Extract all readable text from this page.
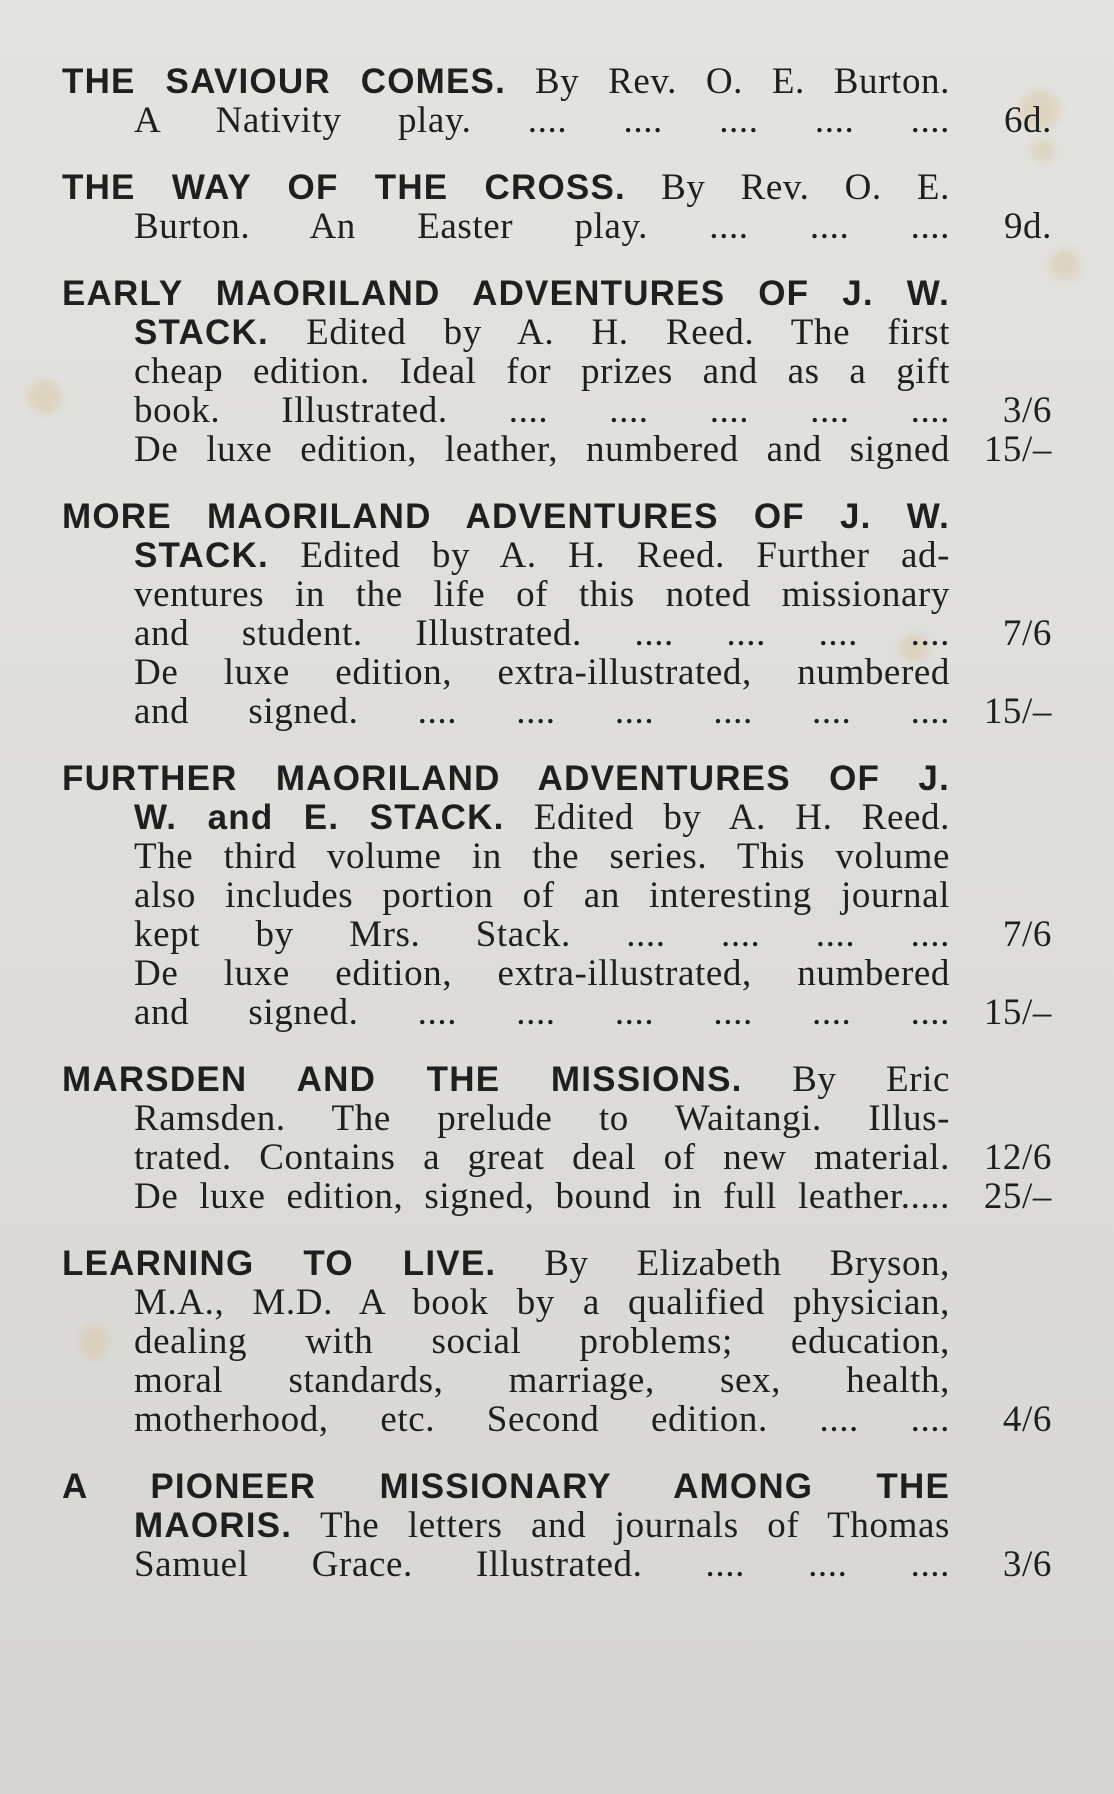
THE SAVIOUR COMES. By Rev. O. E. Burton.
A Nativity play. .... .... .... .... ....	6d.
THE WAY OF THE CROSS. By Rev. O. E.
Burton. An Easter play. .... .... ....	9d.
EARLY MAORILAND ADVENTURES OF J. W.
STACK. Edited by A. H. Reed. The first
cheap edition. Ideal for prizes and as a gift
book. Illustrated. .... .... .... .... ....	3/6
De luxe edition, leather, numbered and signed 15/–
MORE MAORILAND ADVENTURES OF J. W.
STACK. Edited by A. H. Reed. Further ad-
ventures in the life of this noted missionary
and student. Illustrated. .... .... .... ....	7/6
De luxe edition, extra-illustrated, numbered
and signed. .... .... .... .... .... .... 15/–
FURTHER MAORILAND ADVENTURES OF J.
W. and E. STACK. Edited by A. H. Reed.
The third volume in the series. This volume
also includes portion of an interesting journal
kept by Mrs. Stack. .... .... .... ....	7/6
De luxe edition, extra-illustrated, numbered
and signed. .... .... .... .... .... .... 15/–
MARSDEN AND THE MISSIONS. By Eric
Ramsden. The prelude to Waitangi. Illus-
trated. Contains a great deal of new material. 12/6
De luxe edition, signed, bound in full leather..... 25/–
LEARNING TO LIVE. By Elizabeth Bryson,
M.A., M.D. A book by a qualified physician,
dealing with social problems; education,
moral standards, marriage, sex, health,
motherhood, etc. Second edition. .... ....	4/6
A PIONEER MISSIONARY AMONG THE
MAORIS. The letters and journals of Thomas
Samuel Grace. Illustrated. .... .... ....	3/6
